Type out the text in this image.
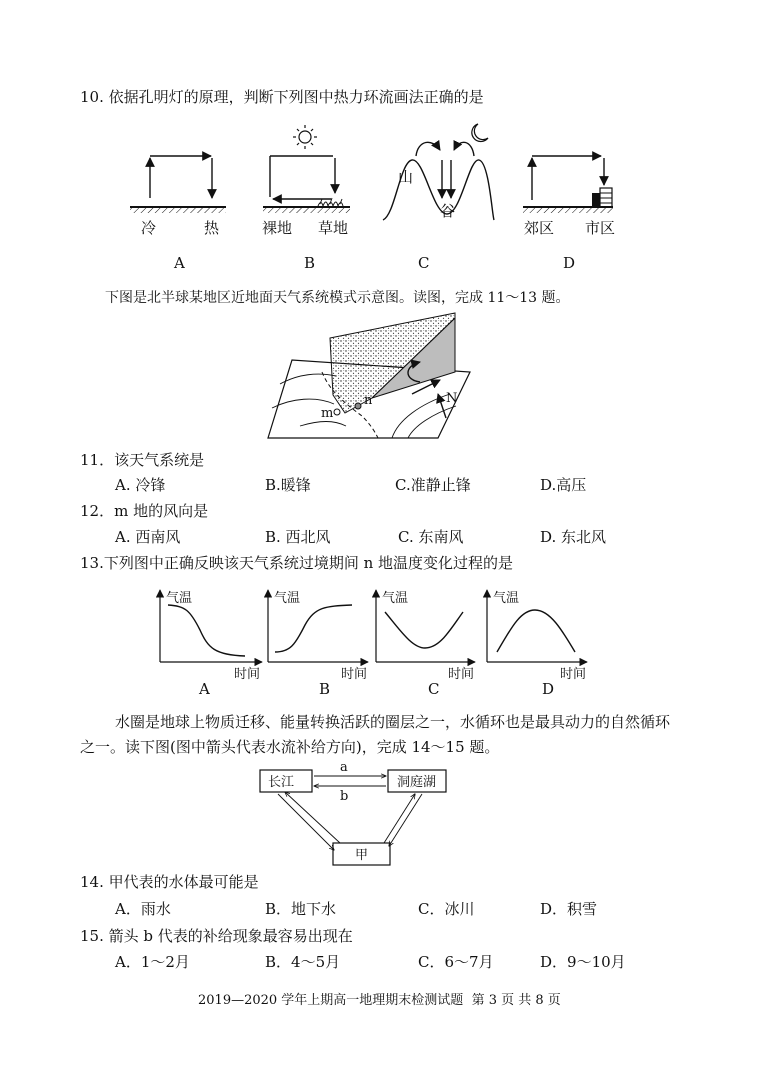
冷	热	裸地 草地
山
谷
郊区 市区
m
n	N
气温
时间
气温
时间
气温
时间
气温
时间
长江	洞庭湖
甲
a
b
10. 依据孔明灯的原理，判断下列图中热力环流画法正确的是
A	B	C	D
下图是北半球某地区近地面天气系统模式示意图。读图，完成 11～13 题。
11．该天气系统是
A. 冷锋	B.暖锋	C.准静止锋	D.高压
12．m 地的风向是
A. 西南风	B. 西北风	C. 东南风	D. 东北风
13.下列图中正确反映该天气系统过境期间 n 地温度变化过程的是
A	B	C	D
水圈是地球上物质迁移、能量转换活跃的圈层之一，水循环也是最具动力的自然循环
之一。读下图(图中箭头代表水流补给方向)，完成 14～15 题。
14. 甲代表的水体最可能是
A．雨水	B．地下水	C．冰川	D．积雪
15. 箭头 b 代表的补给现象最容易出现在
A．1～2月	B．4～5月	C．6～7月	D．9～10月
2019—2020 学年上期高一地理期末检测试题  第 3 页 共 8 页
